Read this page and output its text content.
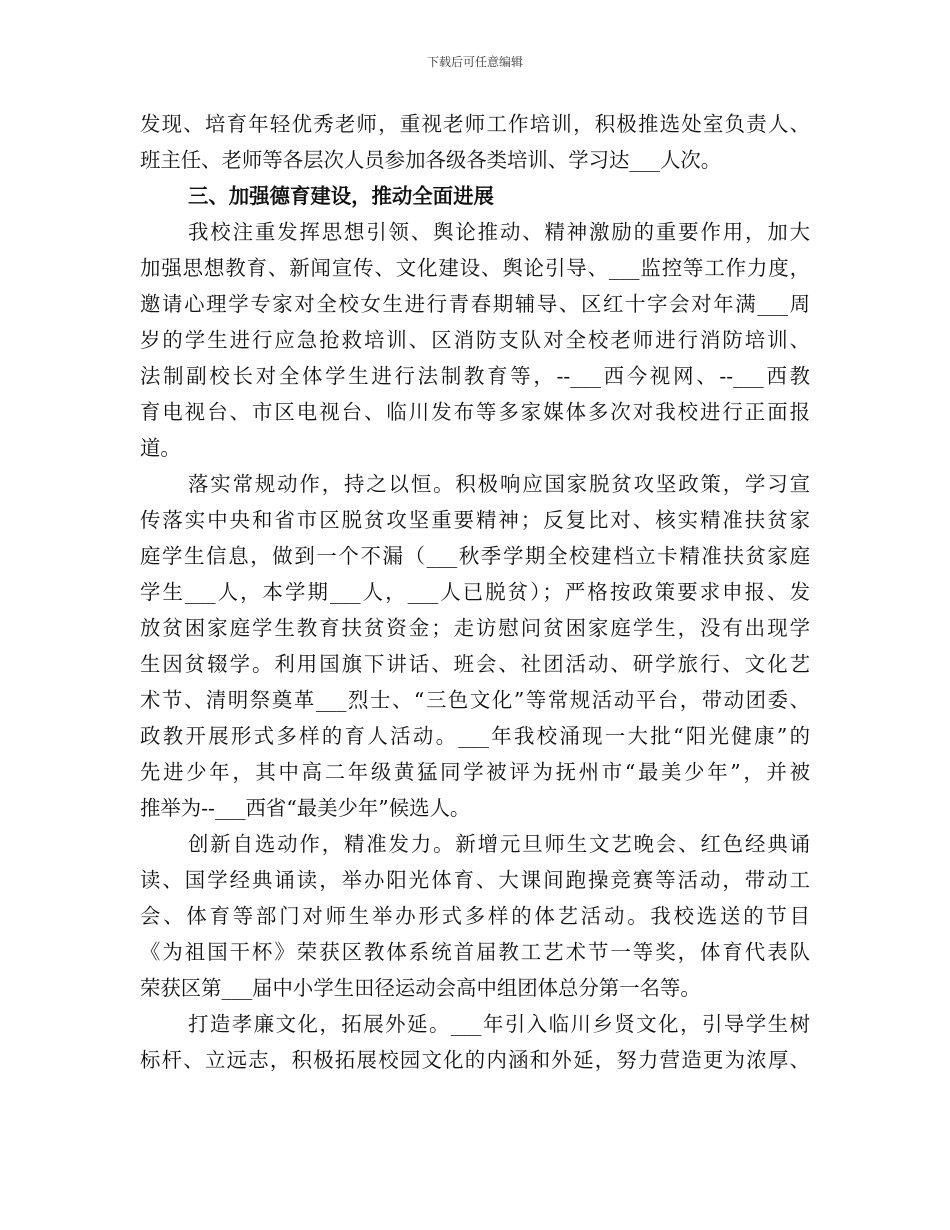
下载后可任意编辑
发现、培育年轻优秀老师，重视老师工作培训，积极推选处室负责人、
班主任、老师等各层次人员参加各级各类培训、学习达___人次。
三、加强德育建设，推动全面进展
我校注重发挥思想引领、舆论推动、精神激励的重要作用，加大
加强思想教育、新闻宣传、文化建设、舆论引导、___监控等工作力度，
邀请心理学专家对全校女生进行青春期辅导、区红十字会对年满___周
岁的学生进行应急抢救培训、区消防支队对全校老师进行消防培训、
法制副校长对全体学生进行法制教育等，--___西今视网、--___西教
育电视台、市区电视台、临川发布等多家媒体多次对我校进行正面报
道。
落实常规动作，持之以恒。积极响应国家脱贫攻坚政策，学习宣
传落实中央和省市区脱贫攻坚重要精神；反复比对、核实精准扶贫家
庭学生信息，做到一个不漏（___秋季学期全校建档立卡精准扶贫家庭
学生___人，本学期___人，___人已脱贫）；严格按政策要求申报、发
放贫困家庭学生教育扶贫资金；走访慰问贫困家庭学生，没有出现学
生因贫辍学。利用国旗下讲话、班会、社团活动、研学旅行、文化艺
术节、清明祭奠革___烈士、“三色文化”等常规活动平台，带动团委、
政教开展形式多样的育人活动。___年我校涌现一大批“阳光健康”的
先进少年，其中高二年级黄猛同学被评为抚州市“最美少年”，并被
推举为--___西省“最美少年”候选人。
创新自选动作，精准发力。新增元旦师生文艺晚会、红色经典诵
读、国学经典诵读，举办阳光体育、大课间跑操竞赛等活动，带动工
会、体育等部门对师生举办形式多样的体艺活动。我校选送的节目
《为祖国干杯》荣获区教体系统首届教工艺术节一等奖，体育代表队
荣获区第___届中小学生田径运动会高中组团体总分第一名等。
打造孝廉文化，拓展外延。___年引入临川乡贤文化，引导学生树
标杆、立远志，积极拓展校园文化的内涵和外延，努力营造更为浓厚、
